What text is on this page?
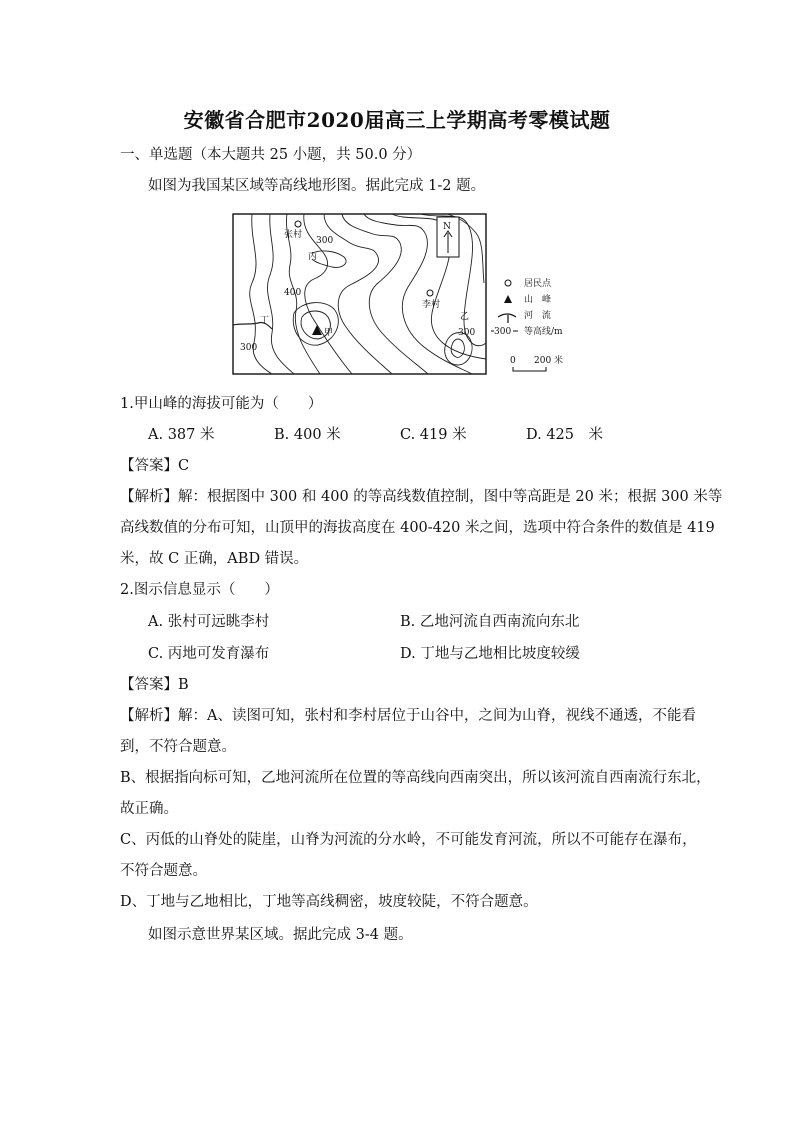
安徽省合肥市2020届高三上学期高考零模试题
一、单选题（本大题共 25 小题，共 50.0 分）
如图为我国某区域等高线地形图。据此完成 1-2 题。
张村
300
丙
400
李村
乙
丁
甲
300
300
N
居民点
山　峰
河　流
300 等高线/m
0 200 米
1.甲山峰的海拔可能为（　　）
A. 387 米	B. 400 米	C. 419 米	D. 425　米
【答案】C
【解析】解：根据图中 300 和 400 的等高线数值控制，图中等高距是 20 米；根据 300 米等
高线数值的分布可知，山顶甲的海拔高度在 400-420 米之间，选项中符合条件的数值是 419
米，故 C 正确，ABD 错误。
2.图示信息显示（　　）
A. 张村可远眺李村	B. 乙地河流自西南流向东北
C. 丙地可发育瀑布	D. 丁地与乙地相比坡度较缓
【答案】B
【解析】解：A、读图可知，张村和李村居位于山谷中，之间为山脊，视线不通透，不能看
到，不符合题意。
B、根据指向标可知，乙地河流所在位置的等高线向西南突出，所以该河流自西南流行东北，
故正确。
C、丙低的山脊处的陡崖，山脊为河流的分水岭，不可能发育河流，所以不可能存在瀑布，
不符合题意。
D、丁地与乙地相比，丁地等高线稠密，坡度较陡，不符合题意。
如图示意世界某区域。据此完成 3-4 题。
